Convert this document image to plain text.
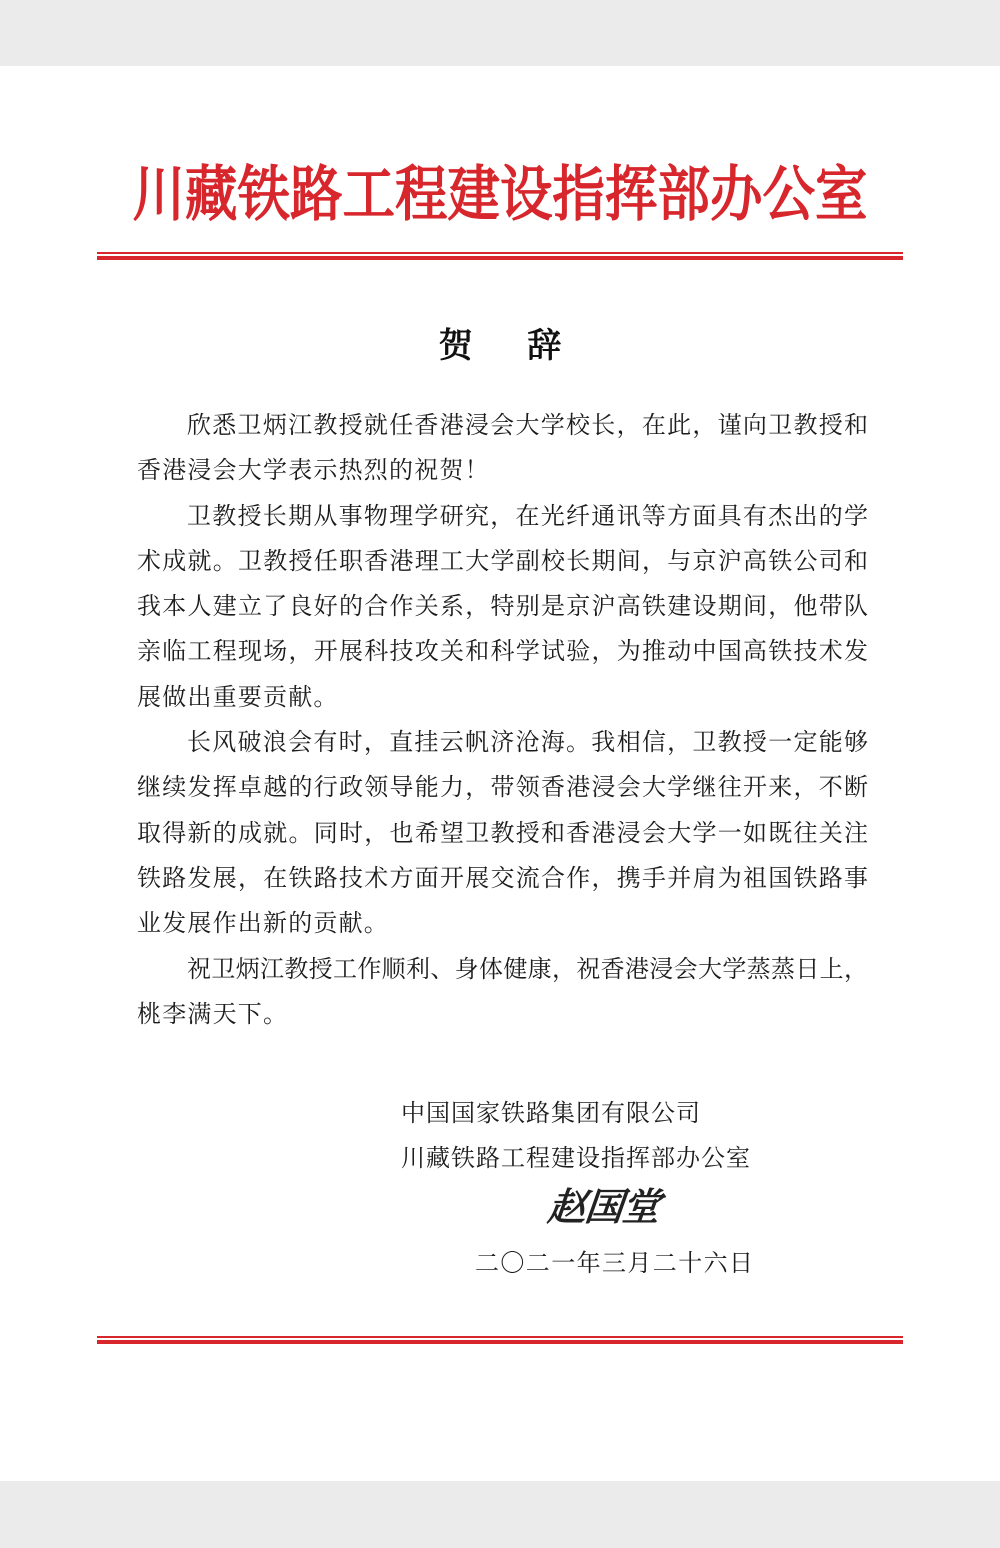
川藏铁路工程建设指挥部办公室
贺 辞
欣悉卫炳江教授就任香港浸会大学校长，在此，谨向卫教授和
香港浸会大学表示热烈的祝贺！
卫教授长期从事物理学研究，在光纤通讯等方面具有杰出的学
术成就。卫教授任职香港理工大学副校长期间，与京沪高铁公司和
我本人建立了良好的合作关系，特别是京沪高铁建设期间，他带队
亲临工程现场，开展科技攻关和科学试验，为推动中国高铁技术发
展做出重要贡献。
长风破浪会有时，直挂云帆济沧海。我相信，卫教授一定能够
继续发挥卓越的行政领导能力，带领香港浸会大学继往开来，不断
取得新的成就。同时，也希望卫教授和香港浸会大学一如既往关注
铁路发展，在铁路技术方面开展交流合作，携手并肩为祖国铁路事
业发展作出新的贡献。
祝卫炳江教授工作顺利、身体健康，祝香港浸会大学蒸蒸日上，
桃李满天下。
中国国家铁路集团有限公司
川藏铁路工程建设指挥部办公室
赵国堂
二〇二一年三月二十六日
